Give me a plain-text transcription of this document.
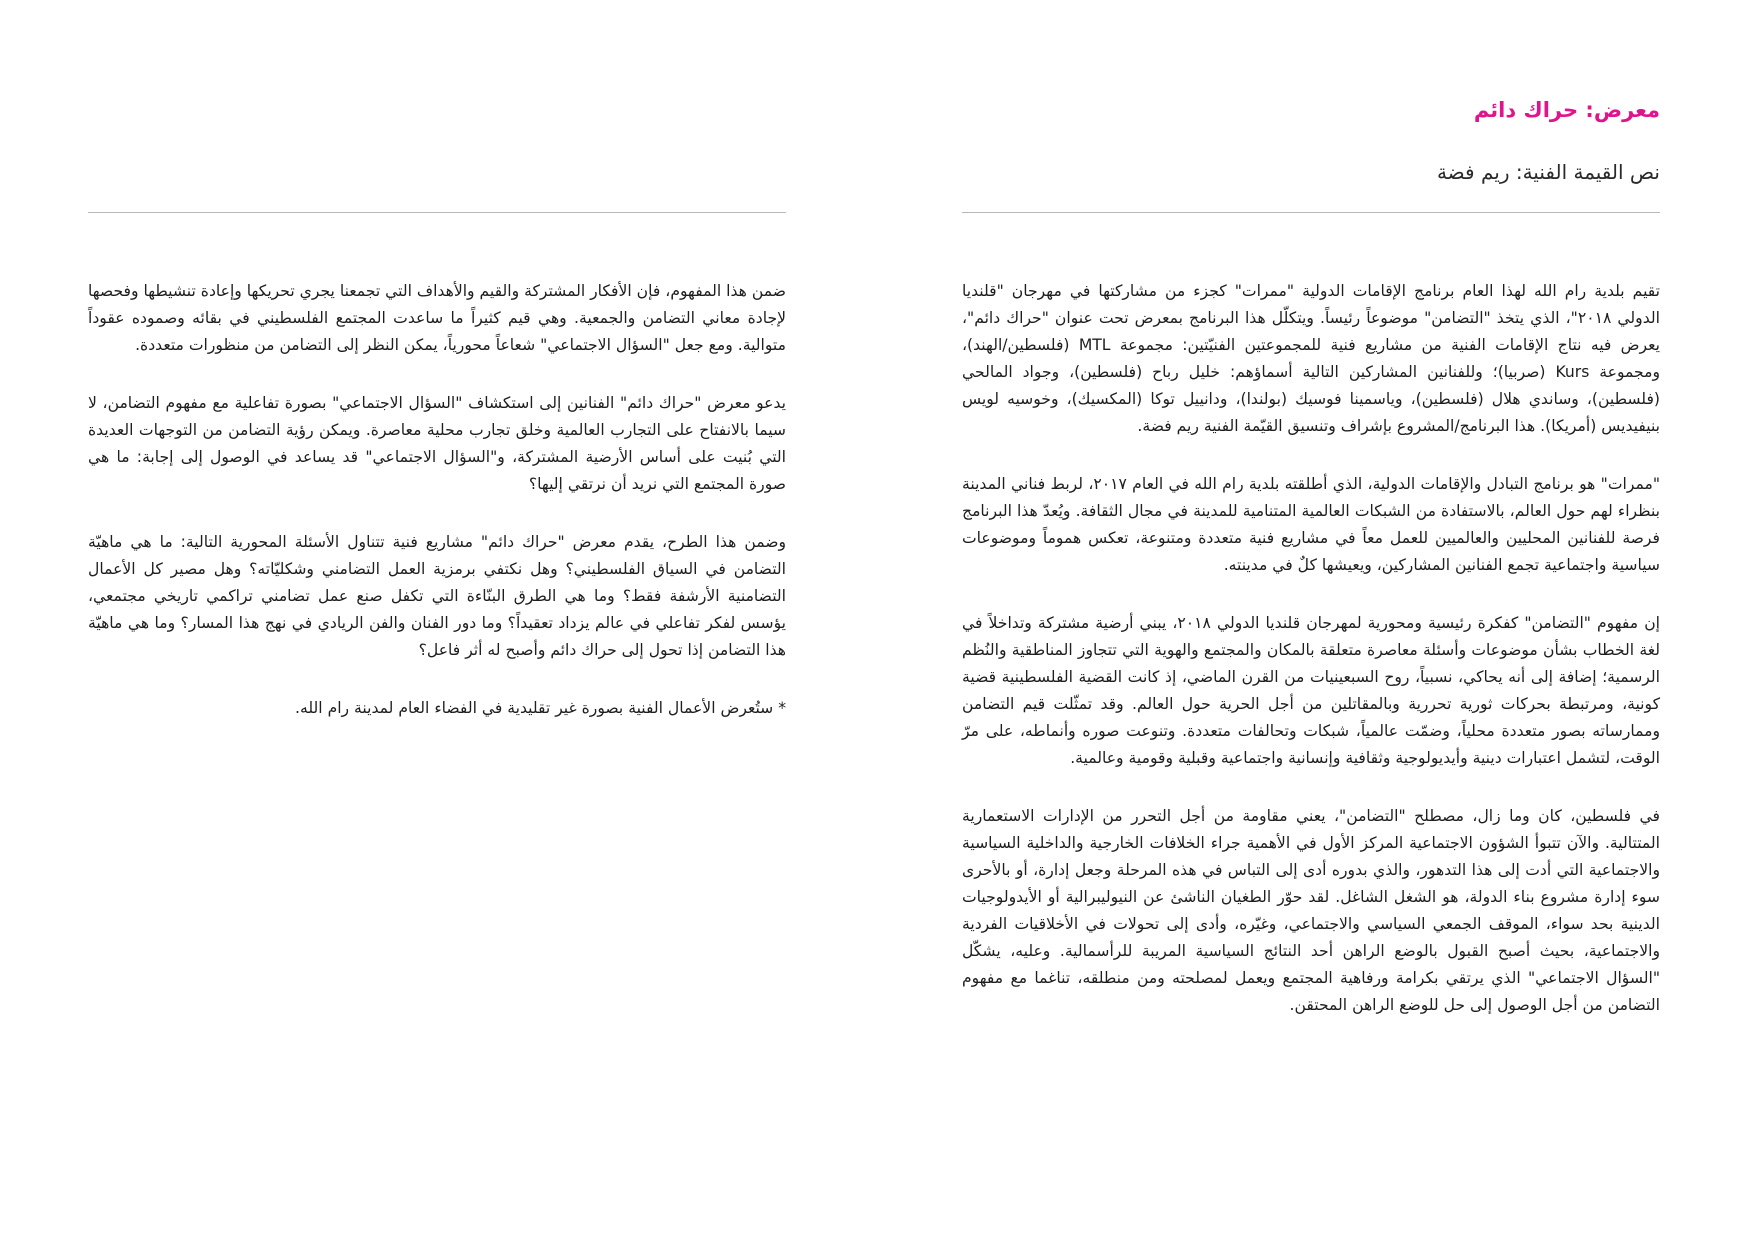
معرض: حراك دائم
نص القيمة الفنية: ريم فضة

تقيم بلدية رام الله لهذا العام برنامج الإقامات الدولية "ممرات" كجزء من مشاركتها في مهرجان "قلنديا الدولي ٢٠١٨"، الذي يتخذ "التضامن" موضوعاً رئيساً. ويتكلّل هذا البرنامج بمعرض تحت عنوان "حراك دائم"، يعرض فيه نتاج الإقامات الفنية من مشاريع فنية للمجموعتين الفنيّتين: مجموعة MTL (فلسطين/الهند)، ومجموعة Kurs (صربيا)؛ وللفنانين المشاركين التالية أسماؤهم: خليل رباح (فلسطين)، وجواد المالحي (فلسطين)، وساندي هلال (فلسطين)، وياسمينا فوسيك (بولندا)، ودانييل توكا (المكسيك)، وخوسيه لويس بنيفيديس (أمريكا). هذا البرنامج/المشروع بإشراف وتنسيق القيّمة الفنية ريم فضة.

"ممرات" هو برنامج التبادل والإقامات الدولية، الذي أطلقته بلدية رام الله في العام ٢٠١٧، لربط فناني المدينة بنظراء لهم حول العالم، بالاستفادة من الشبكات العالمية المتنامية للمدينة في مجال الثقافة. ويُعدّ هذا البرنامج فرصة للفنانين المحليين والعالميين للعمل معاً في مشاريع فنية متعددة ومتنوعة، تعكس هموماً وموضوعات سياسية واجتماعية تجمع الفنانين المشاركين، ويعيشها كلٌ في مدينته.

إن مفهوم "التضامن" كفكرة رئيسية ومحورية لمهرجان قلنديا الدولي ٢٠١٨، يبني أرضية مشتركة وتداخلاً في لغة الخطاب بشأن موضوعات وأسئلة معاصرة متعلقة بالمكان والمجتمع والهوية التي تتجاوز المناطقية والنُظم الرسمية؛ إضافة إلى أنه يحاكي، نسبياً، روح السبعينيات من القرن الماضي، إذ كانت القضية الفلسطينية قضية كونية، ومرتبطة بحركات ثورية تحررية وبالمقاتلين من أجل الحرية حول العالم. وقد تمثّلت قيم التضامن وممارساته بصور متعددة محلياً، وضمّت عالمياً، شبكات وتحالفات متعددة. وتنوعت صوره وأنماطه، على مرّ الوقت، لتشمل اعتبارات دينية وأيديولوجية وثقافية وإنسانية واجتماعية وقبلية وقومية وعالمية.

في فلسطين، كان وما زال، مصطلح "التضامن"، يعني مقاومة من أجل التحرر من الإدارات الاستعمارية المتتالية. والآن تتبوأ الشؤون الاجتماعية المركز الأول في الأهمية جراء الخلافات الخارجية والداخلية السياسية والاجتماعية التي أدت إلى هذا التدهور، والذي بدوره أدى إلى التباس في هذه المرحلة وجعل إدارة، أو بالأحرى سوء إدارة مشروع بناء الدولة، هو الشغل الشاغل. لقد حوّر الطغيان الناشئ عن النيوليبرالية أو الأيدولوجيات الدينية بحد سواء، الموقف الجمعي السياسي والاجتماعي، وغيّره، وأدى إلى تحولات في الأخلاقيات الفردية والاجتماعية، بحيث أصبح القبول بالوضع الراهن أحد النتائج السياسية المريبة للرأسمالية. وعليه، يشكّل "السؤال الاجتماعي" الذي يرتقي بكرامة ورفاهية المجتمع ويعمل لمصلحته ومن منطلقه، تناغما مع مفهوم التضامن من أجل الوصول إلى حل للوضع الراهن المحتقن.

ضمن هذا المفهوم، فإن الأفكار المشتركة والقيم والأهداف التي تجمعنا يجري تحريكها وإعادة تنشيطها وفحصها لإجادة معاني التضامن والجمعية. وهي قيم كثيراً ما ساعدت المجتمع الفلسطيني في بقائه وصموده عقوداً متوالية. ومع جعل "السؤال الاجتماعي" شعاعاً محورياً، يمكن النظر إلى التضامن من منظورات متعددة.

يدعو معرض "حراك دائم" الفنانين إلى استكشاف "السؤال الاجتماعي" بصورة تفاعلية مع مفهوم التضامن، لا سيما بالانفتاح على التجارب العالمية وخلق تجارب محلية معاصرة. ويمكن رؤية التضامن من التوجهات العديدة التي بُنيت على أساس الأرضية المشتركة، و"السؤال الاجتماعي" قد يساعد في الوصول إلى إجابة: ما هي صورة المجتمع التي نريد أن نرتقي إليها؟

وضمن هذا الطرح، يقدم معرض "حراك دائم" مشاريع فنية تتناول الأسئلة المحورية التالية: ما هي ماهيّة التضامن في السياق الفلسطيني؟ وهل نكتفي برمزية العمل التضامني وشكليّاته؟ وهل مصير كل الأعمال التضامنية الأرشفة فقط؟ وما هي الطرق البنّاءة التي تكفل صنع عمل تضامني تراكمي تاريخي مجتمعي، يؤسس لفكر تفاعلي في عالم يزداد تعقيداً؟ وما دور الفنان والفن الريادي في نهج هذا المسار؟ وما هي ماهيّة هذا التضامن إذا تحول إلى حراك دائم وأصبح له أثر فاعل؟

* ستُعرض الأعمال الفنية بصورة غير تقليدية في الفضاء العام لمدينة رام الله.
